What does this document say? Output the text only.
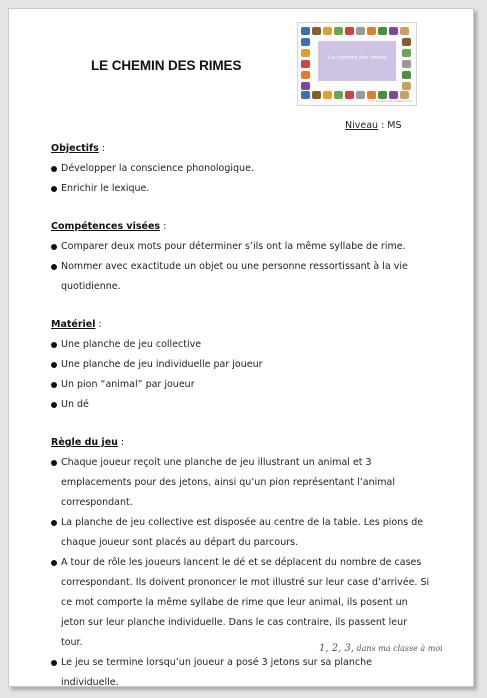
LE CHEMIN DES RIMES	Le chemin des rimes
1, 2, 3, dans ma classe à moi
Niveau : MS
Objectifs :
Développer la conscience phonologique.
Enrichir le lexique.
Compétences visées :
Comparer deux mots pour déterminer s’ils ont la même syllabe de rime.
Nommer avec exactitude un objet ou une personne ressortissant à la vie quotidienne.
Matériel :
Une planche de jeu collective
Une planche de jeu individuelle par joueur
Un pion “animal” par joueur
Un dé
Règle du jeu :
Chaque joueur reçoit une planche de jeu illustrant un animal et 3 emplacements pour des jetons, ainsi qu’un pion représentant l’animal correspondant.
La planche de jeu collective est disposée au centre de la table. Les pions de chaque joueur sont placés au départ du parcours.
A tour de rôle les joueurs lancent le dé et se déplacent du nombre de cases correspondant. Ils doivent prononcer le mot illustré sur leur case d’arrivée. Si ce mot comporte la même syllabe de rime que leur animal, ils posent un jeton sur leur planche individuelle. Dans le cas contraire, ils passent leur tour.
Le jeu se termine lorsqu’un joueur a posé 3 jetons sur sa planche individuelle.
1, 2, 3, dans ma classe à moi
